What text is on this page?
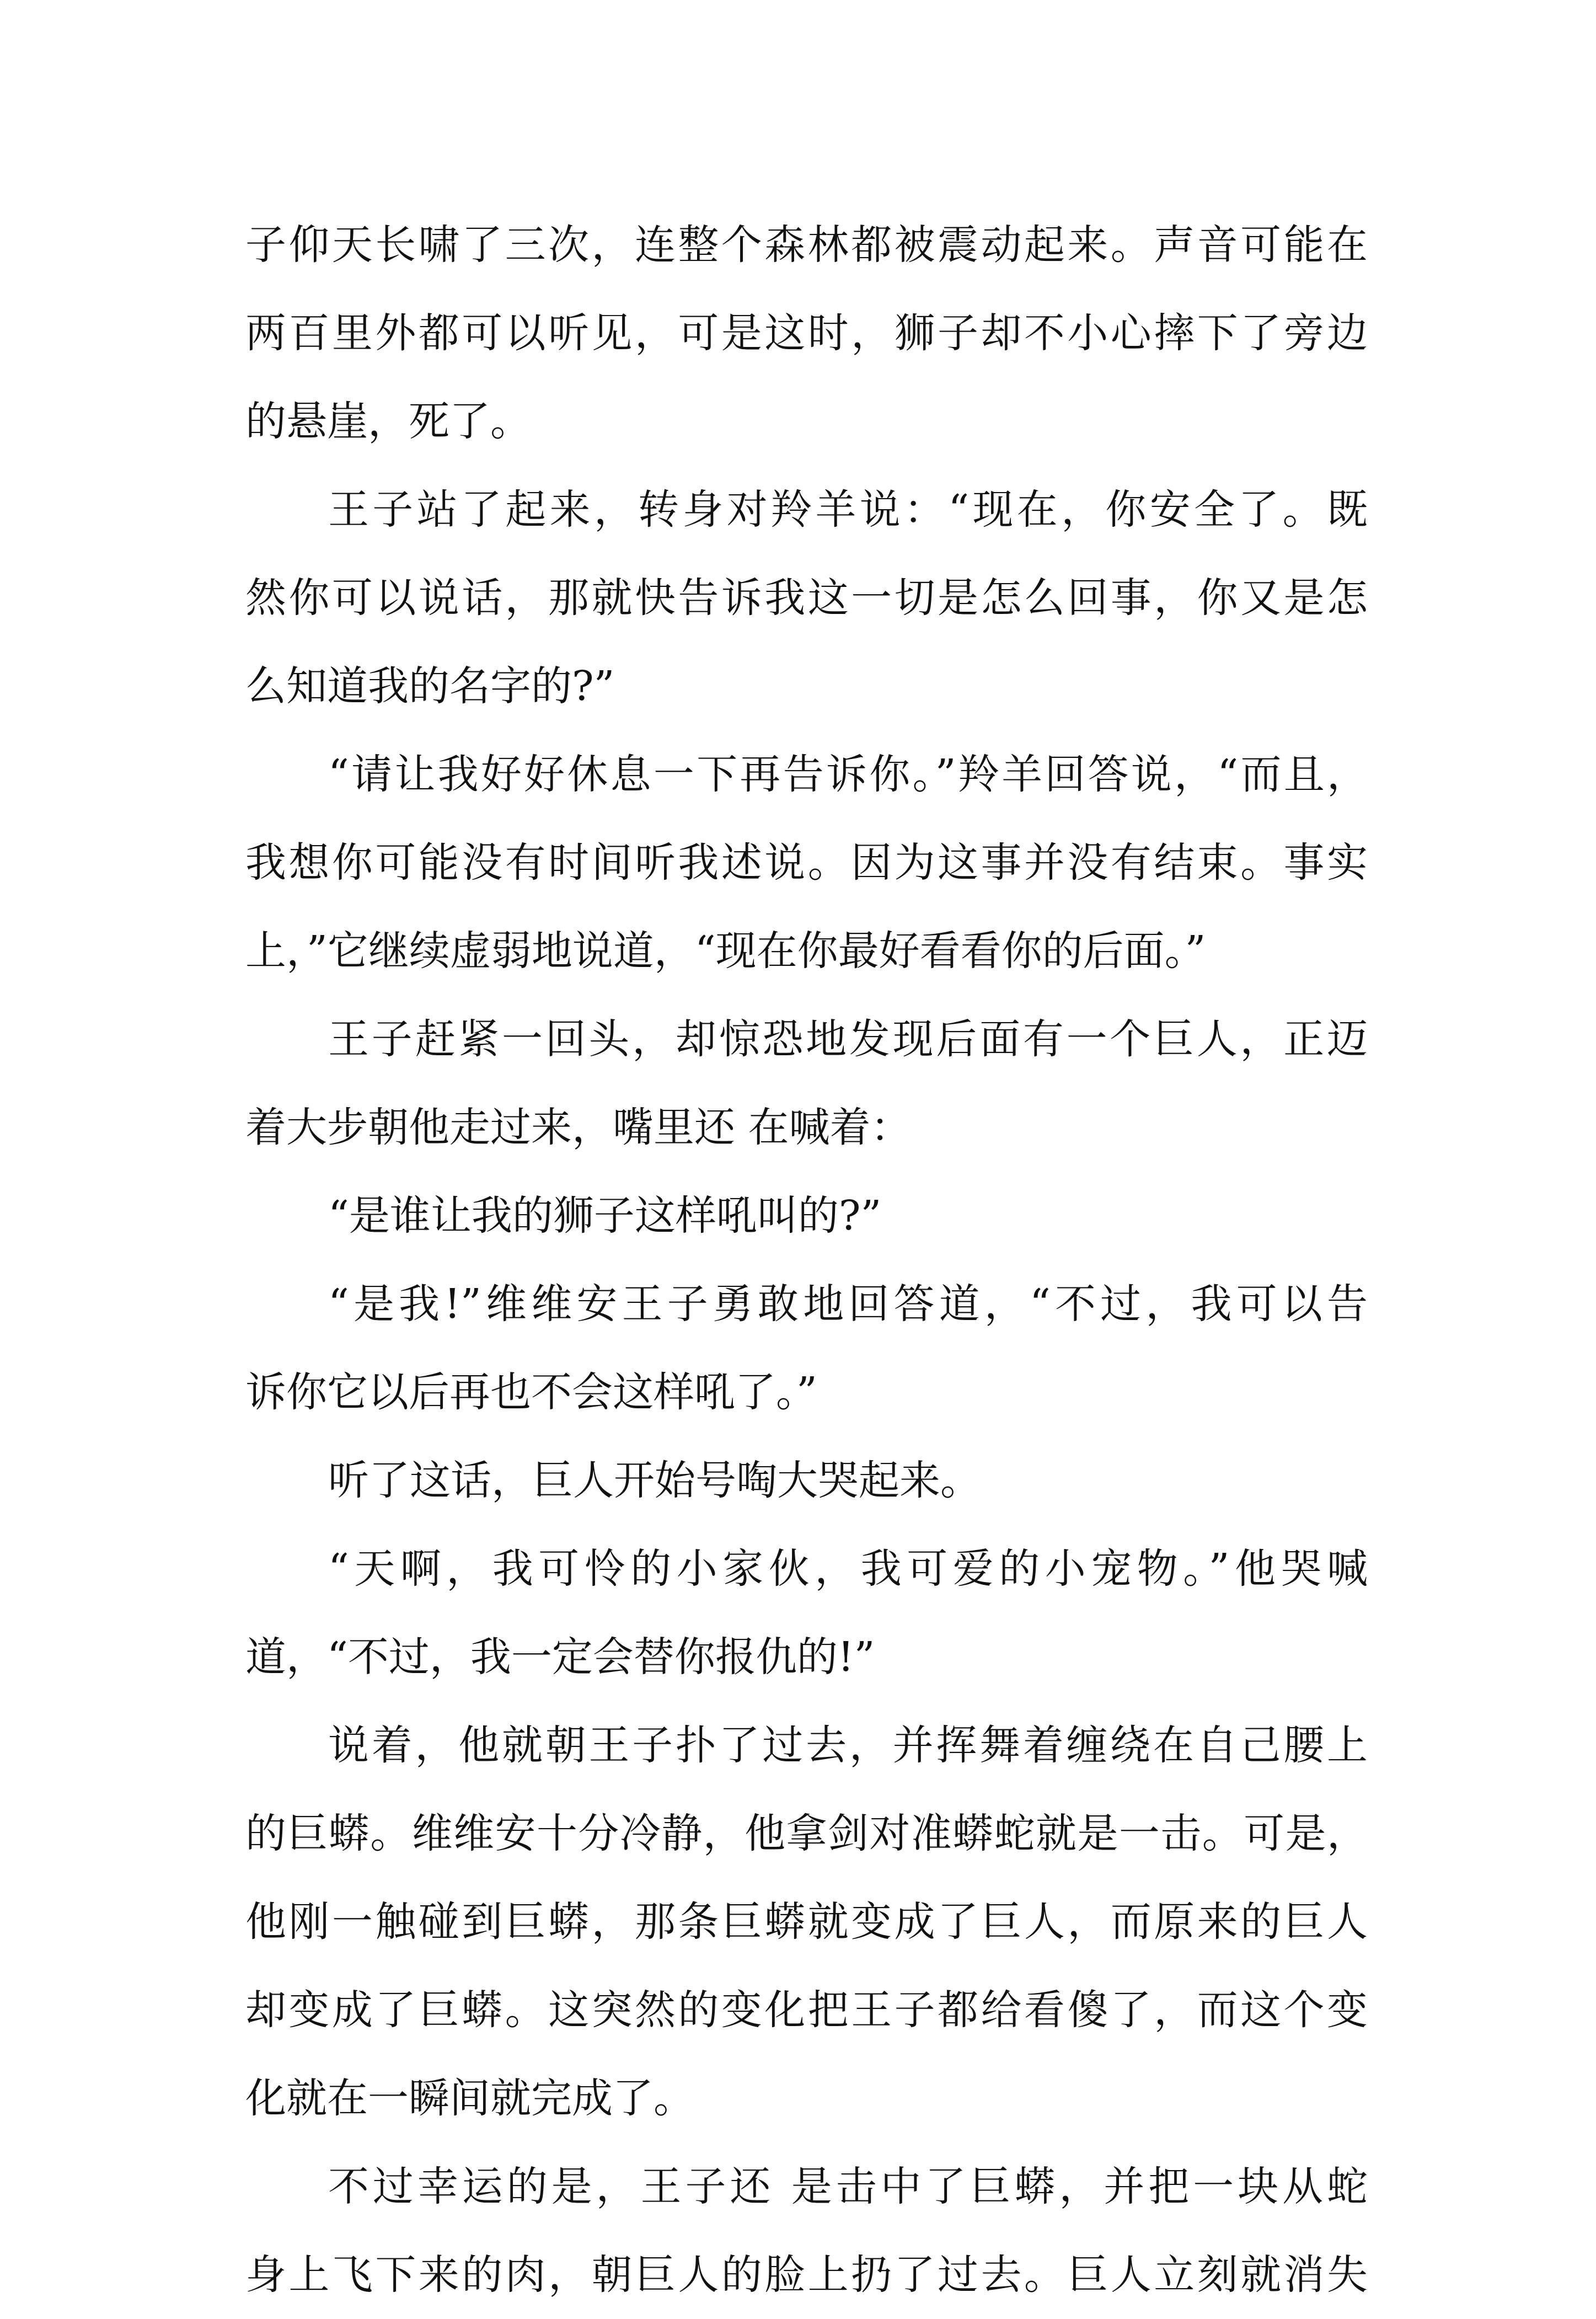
子仰天长啸了三次，连整个森林都被震动起来。声音可能在
两百里外都可以听见，可是这时，狮子却不小心摔下了旁边
的悬崖，死了。
王子站了起来，转身对羚羊说：“现在，你安全了。既
然你可以说话，那就快告诉我这一切是怎么回事，你又是怎
么知道我的名字的?”
“请让我好好休息一下再告诉你。”羚羊回答说，“而且，
我想你可能没有时间听我述说。因为这事并没有结束。事实
上，”它继续虚弱地说道，“现在你最好看看你的后面。”
王子赶紧一回头，却惊恐地发现后面有一个巨人，正迈
着大步朝他走过来，嘴里还 在喊着：
“是谁让我的狮子这样吼叫的?”
“是我!”维维安王子勇敢地回答道，“不过，我可以告
诉你它以后再也不会这样吼了。”
听了这话，巨人开始号啕大哭起来。
“天啊，我可怜的小家伙，我可爱的小宠物。”他哭喊
道，“不过，我一定会替你报仇的!”
说着，他就朝王子扑了过去，并挥舞着缠绕在自己腰上
的巨蟒。维维安十分冷静，他拿剑对准蟒蛇就是一击。可是，
他刚一触碰到巨蟒，那条巨蟒就变成了巨人，而原来的巨人
却变成了巨蟒。这突然的变化把王子都给看傻了，而这个变
化就在一瞬间就完成了。
不过幸运的是，王子还 是击中了巨蟒，并把一块从蛇
身上飞下来的肉，朝巨人的脸上扔了过去。巨人立刻就消失
